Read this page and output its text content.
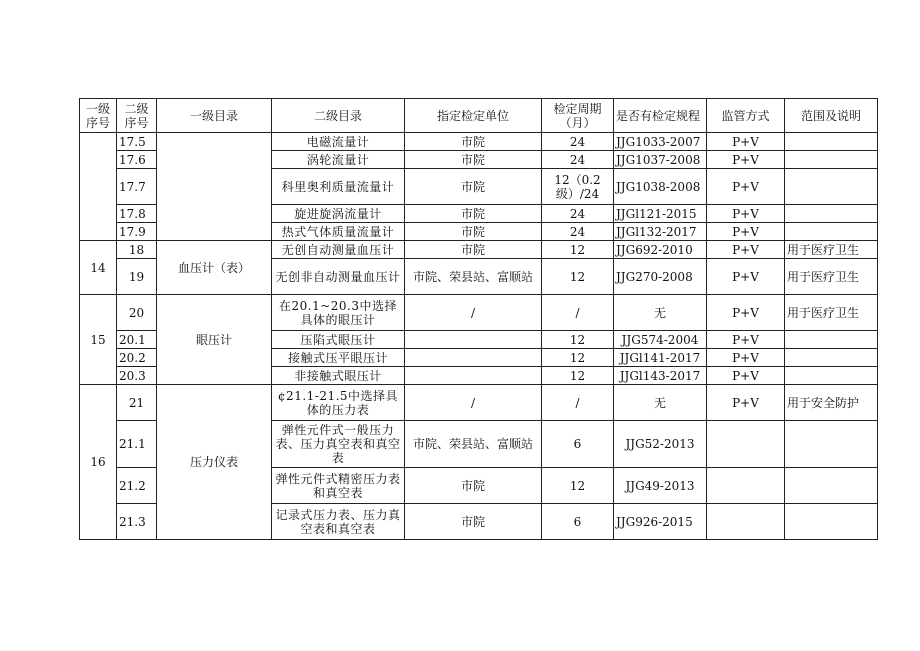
一级序号	二级序号	一级目录	二级目录	指定检定单位	检定周期（月）	是否有检定规程	监管方式	范围及说明
	17.5		电磁流量计	市院	24	JJG1033-2007	P+V	
	17.6		涡轮流量计	市院	24	JJG1037-2008	P+V	
	17.7		科里奥利质量流量计	市院	12（0.2级）/24	JJG1038-2008	P+V	
	17.8		旋进旋涡流量计	市院	24	JJGl121-2015	P+V	
	17.9		热式气体质量流量计	市院	24	JJGl132-2017	P+V	
14	18	血压计（表）	无创自动测量血压计	市院	12	JJG692-2010	P+V	用于医疗卫生
	19		无创非自动测量血压计	市院、荣县站、富顺站	12	JJG270-2008	P+V	用于医疗卫生
15	20	眼压计	在20.1~20.3中选择具体的眼压计	/	/	无	P+V	用于医疗卫生
	20.1		压陷式眼压计		12	JJG574-2004	P+V	
	20.2		接触式压平眼压计		12	JJGl141-2017	P+V	
	20.3		非接触式眼压计		12	JJGl143-2017	P+V	
16	21	压力仪表	¢21.1-21.5中选择具体的压力表	/	/	无	P+V	用于安全防护
	21.1		弹性元件式一般压力表、压力真空表和真空表	市院、荣县站、富顺站	6	JJG52-2013		
	21.2		弹性元件式精密压力表和真空表	市院	12	JJG49-2013		
	21.3		记录式压力表、压力真空表和真空表	市院	6	JJG926-2015		
